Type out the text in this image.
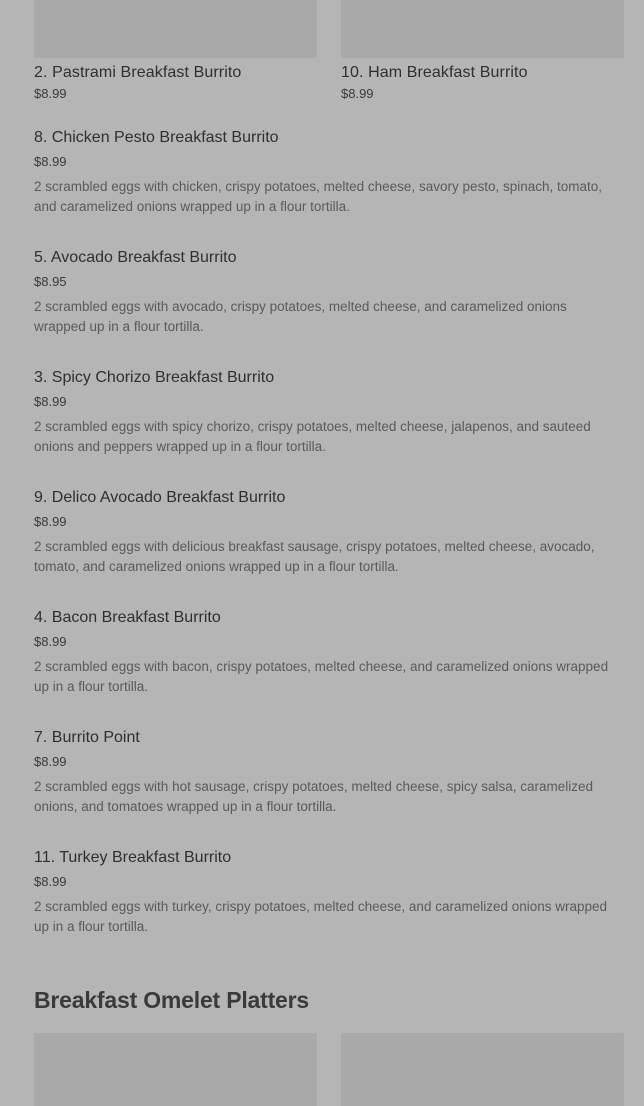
2. Pastrami Breakfast Burrito
$8.99
10. Ham Breakfast Burrito
$8.99
8. Chicken Pesto Breakfast Burrito
$8.99
2 scrambled eggs with chicken, crispy potatoes, melted cheese, savory pesto, spinach, tomato, and caramelized onions wrapped up in a flour tortilla.
5. Avocado Breakfast Burrito
$8.95
2 scrambled eggs with avocado, crispy potatoes, melted cheese, and caramelized onions wrapped up in a flour tortilla.
3. Spicy Chorizo Breakfast Burrito
$8.99
2 scrambled eggs with spicy chorizo, crispy potatoes, melted cheese, jalapenos, and sauteed onions and peppers wrapped up in a flour tortilla.
9. Delico Avocado Breakfast Burrito
$8.99
2 scrambled eggs with delicious breakfast sausage, crispy potatoes, melted cheese, avocado, tomato, and caramelized onions wrapped up in a flour tortilla.
4. Bacon Breakfast Burrito
$8.99
2 scrambled eggs with bacon, crispy potatoes, melted cheese, and caramelized onions wrapped up in a flour tortilla.
7. Burrito Point
$8.99
2 scrambled eggs with hot sausage, crispy potatoes, melted cheese, spicy salsa, caramelized onions, and tomatoes wrapped up in a flour tortilla.
11. Turkey Breakfast Burrito
$8.99
2 scrambled eggs with turkey, crispy potatoes, melted cheese, and caramelized onions wrapped up in a flour tortilla.
Breakfast Omelet Platters
